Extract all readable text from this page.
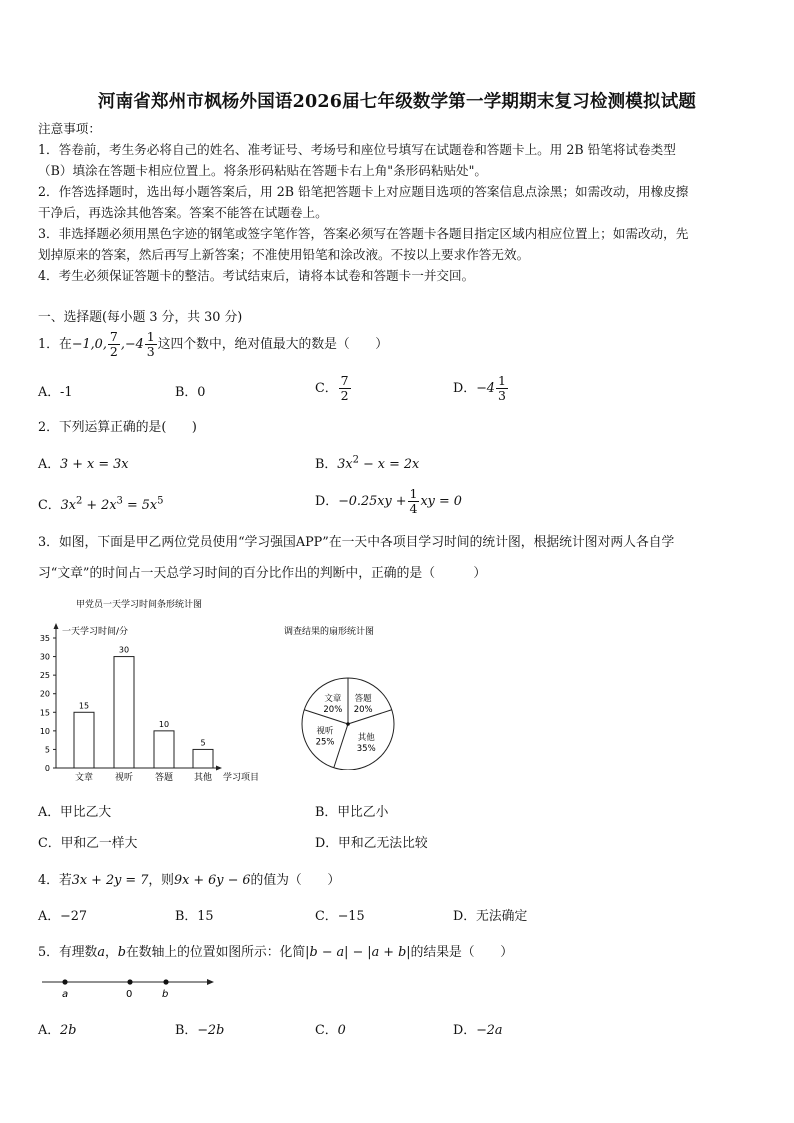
河南省郑州市枫杨外国语2026届七年级数学第一学期期末复习检测模拟试题
注意事项：
1．答卷前，考生务必将自己的姓名、准考证号、考场号和座位号填写在试题卷和答题卡上。用 2B 铅笔将试卷类型
（B）填涂在答题卡相应位置上。将条形码粘贴在答题卡右上角"条形码粘贴处"。
2．作答选择题时，选出每小题答案后，用 2B 铅笔把答题卡上对应题目选项的答案信息点涂黑；如需改动，用橡皮擦
干净后，再选涂其他答案。答案不能答在试题卷上。
3．非选择题必须用黑色字迹的钢笔或签字笔作答，答案必须写在答题卡各题目指定区域内相应位置上；如需改动，先
划掉原来的答案，然后再写上新答案；不准使用铅笔和涂改液。不按以上要求作答无效。
4．考生必须保证答题卡的整洁。考试结束后，请将本试卷和答题卡一并交回。
一、选择题(每小题 3 分，共 30 分)
1．在−1,0, $\frac{7}{2} ,-4 \frac{1}{3}$ 这四个数中，绝对值最大的数是（　　）
A．-1	B．0	C． $\frac{7}{2}$	D．$-4 \frac{1}{3}$
2．下列运算正确的是(　　)
A．3 + x = 3x	B．$3x^2 - x = 2x$
C．$3x^2 + 2x^3 = 5x^5$	D．$-0.25xy + \frac{1}{4}$ xy = 0
3．如图，下面是甲乙两位党员使用“学习强国APP”在一天中各项目学习时间的统计图，根据统计图对两人各自学
习“文章”的时间占一天总学习时间的百分比作出的判断中，正确的是（　　　）
甲党员一天学习时间条形统计图
一天学习时间/分
学习项目
0
5
10
15
20
25
30
35
15
文章
30
视听
10
答题
5
其他
调查结果的扇形统计图
文章
20%
答题
20%
其他
35%
视听
25%
A．甲比乙大	B．甲比乙小
C．甲和乙一样大	D．甲和乙无法比较
4．若3x + 2y = 7，则9x + 6y − 6的值为（　　）
A．−27	B．15	C．−15	D．无法确定
5．有理数a，b在数轴上的位置如图所示：化简|b − a| − |a + b|的结果是（　　）
a	0	b
A．2b	B．−2b	C．0	D．−2a
